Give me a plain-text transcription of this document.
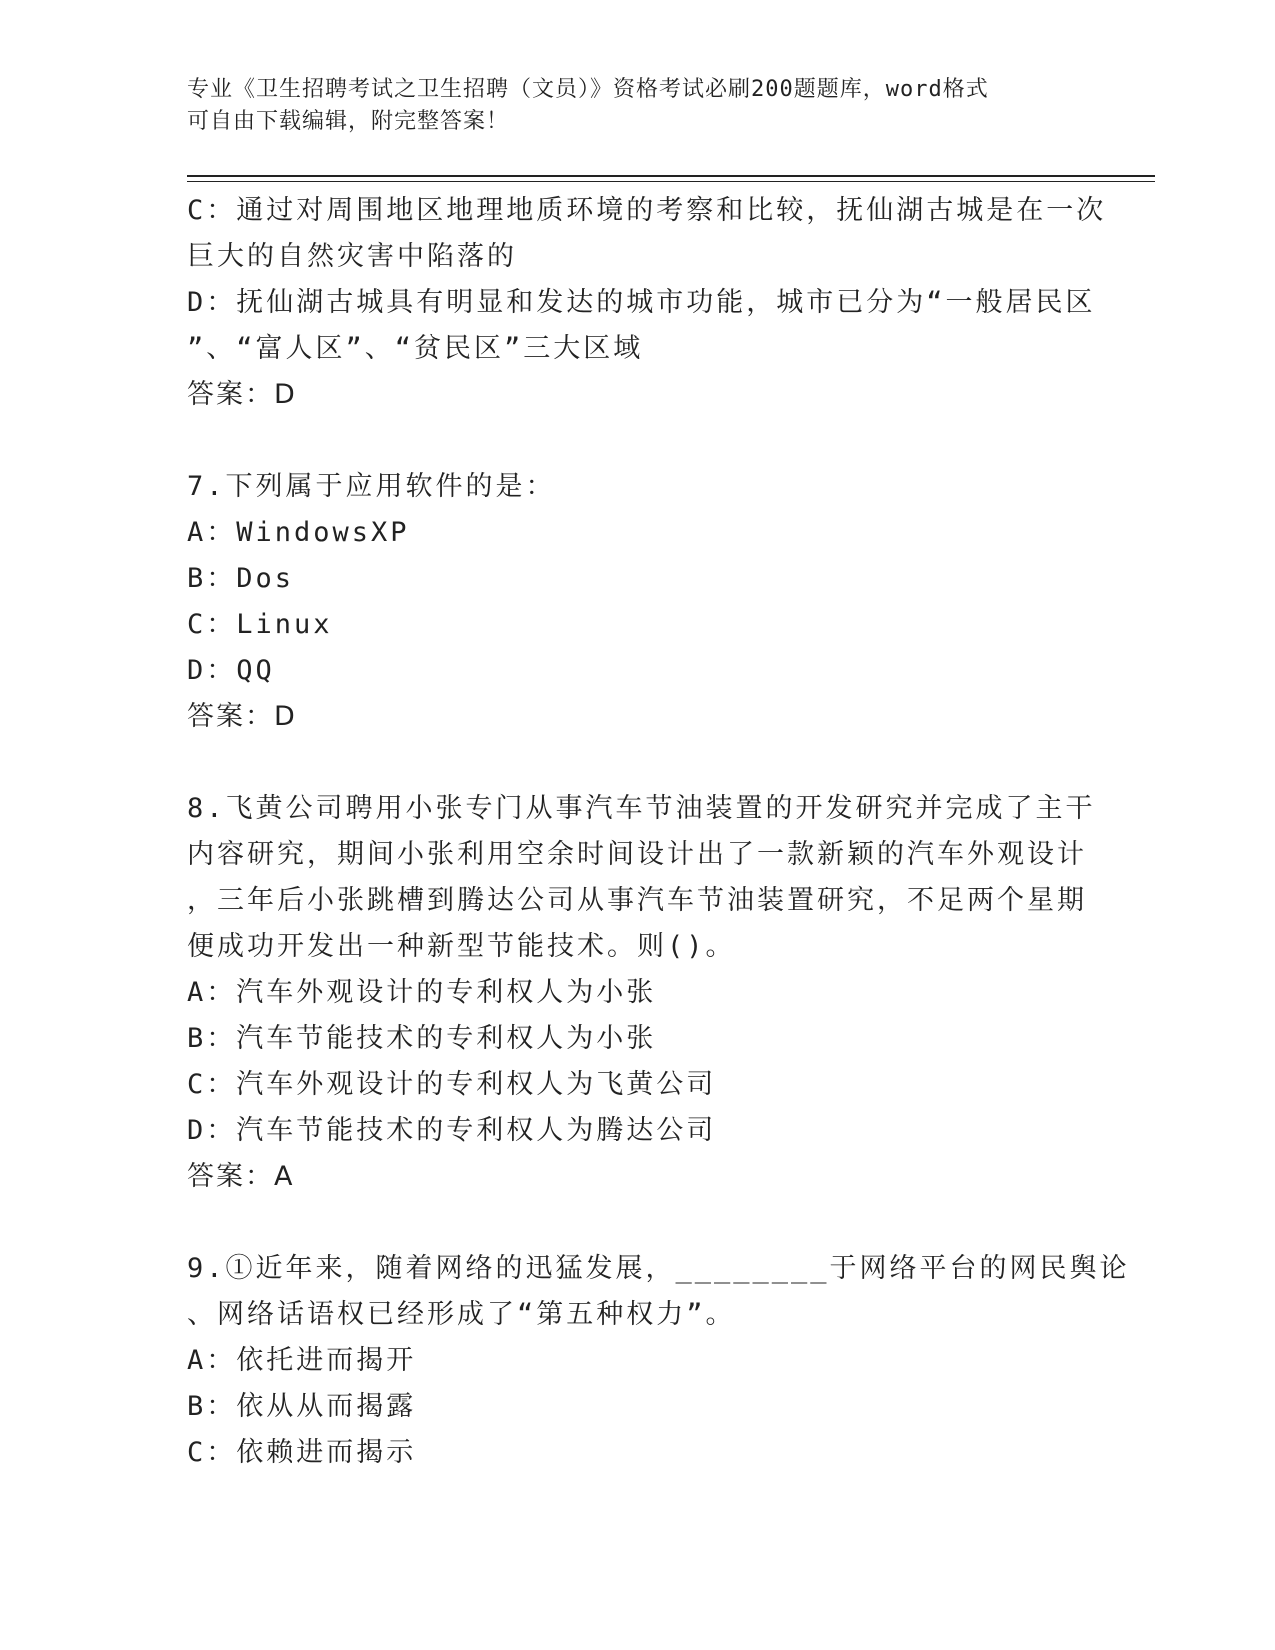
专业《卫生招聘考试之卫生招聘（文员）》资格考试必刷200题题库，word格式
可自由下载编辑，附完整答案！
C：通过对周围地区地理地质环境的考察和比较，抚仙湖古城是在一次
巨大的自然灾害中陷落的
D：抚仙湖古城具有明显和发达的城市功能，城市已分为“一般居民区
”、“富人区”、“贫民区”三大区域
答案：D
7.下列属于应用软件的是：
A：WindowsXP
B：Dos
C：Linux
D：QQ
答案：D
8.飞黄公司聘用小张专门从事汽车节油装置的开发研究并完成了主干
内容研究，期间小张利用空余时间设计出了一款新颖的汽车外观设计
，三年后小张跳槽到腾达公司从事汽车节油装置研究，不足两个星期
便成功开发出一种新型节能技术。则()。
A：汽车外观设计的专利权人为小张
B：汽车节能技术的专利权人为小张
C：汽车外观设计的专利权人为飞黄公司
D：汽车节能技术的专利权人为腾达公司
答案：A
9.①近年来，随着网络的迅猛发展，________于网络平台的网民舆论
、网络话语权已经形成了“第五种权力”。
A：依托进而揭开
B：依从从而揭露
C：依赖进而揭示
